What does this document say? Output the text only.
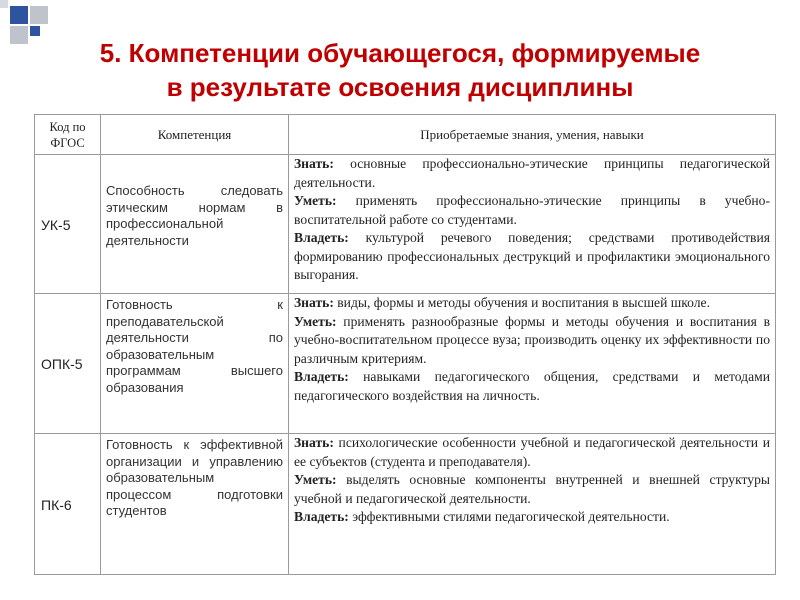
5. Компетенции обучающегося, формируемые
в результате освоения дисциплины
Код по ФГОС	Компетенция	Приобретаемые знания, умения, навыки
УК-5	Способность следовать этическим нормам в профессиональной деятельности	Знать: основные профессионально-этические принципы педагогической деятельности.
Уметь: применять профессионально-этические принципы в учебно-воспитательной работе со студентами.
Владеть: культурой речевого поведения; средствами противодействия формированию профессиональных деструкций и профилактики эмоционального выгорания.

ОПК-5	Готовность к преподавательской деятельности по образовательным программам высшего образования	Знать: виды, формы и методы обучения и воспитания в высшей школе.
Уметь: применять разнообразные формы и методы обучения и воспитания в учебно-воспитательном процессе вуза; производить оценку их эффективности по различным критериям.
Владеть: навыками педагогического общения, средствами и методами педагогического воздействия на личность.

ПК-6	Готовность к эффективной организации и управлению образовательным процессом подготовки студентов	Знать: психологические особенности учебной и педагогической деятельности и ее субъектов (студента и преподавателя).
Уметь: выделять основные компоненты внутренней и внешней структуры учебной и педагогической деятельности.
Владеть: эффективными стилями педагогической деятельности.
